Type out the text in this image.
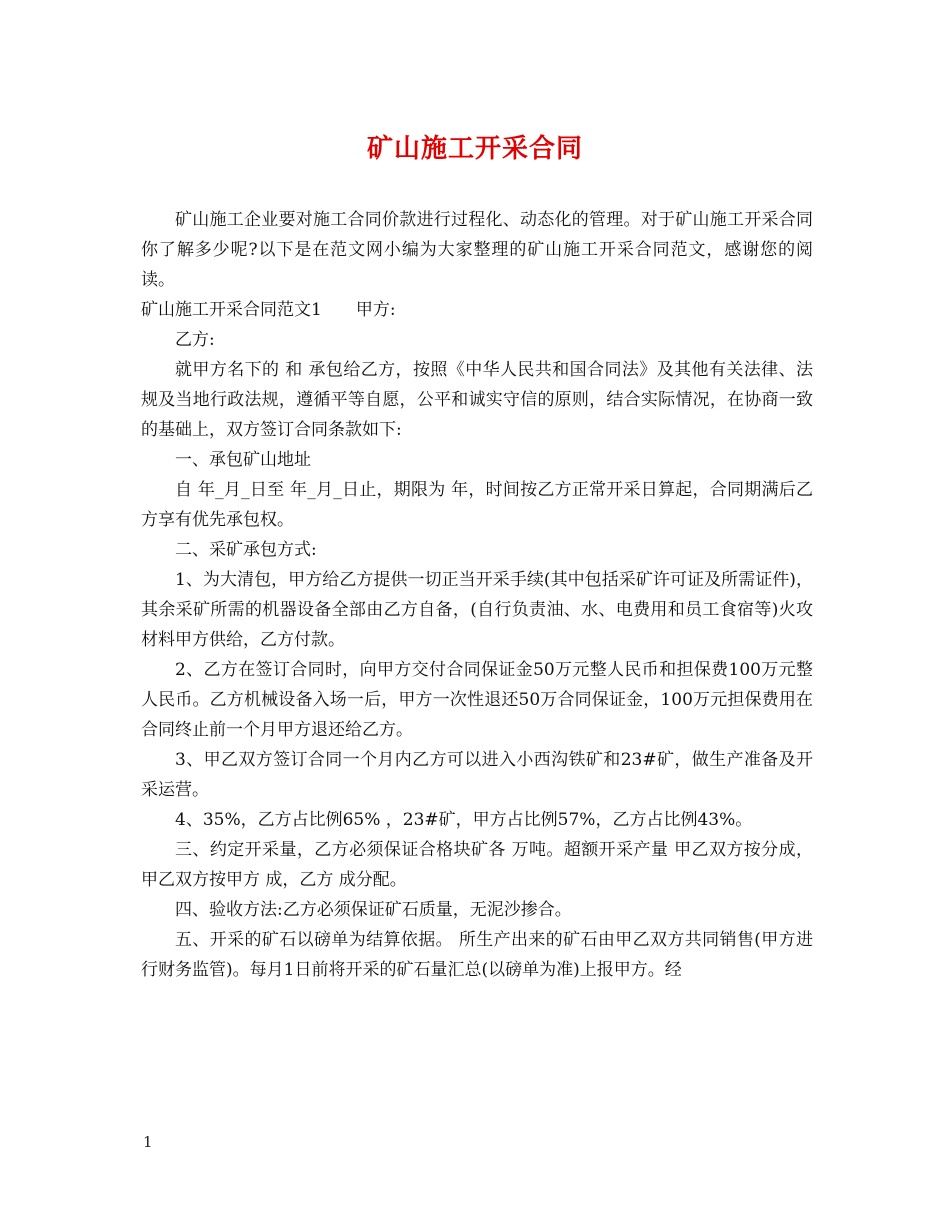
矿山施工开采合同

矿山施工企业要对施工合同价款进行过程化、动态化的管理。对于矿山施工开采合同你了解多少呢?以下是在范文网小编为大家整理的矿山施工开采合同范文，感谢您的阅读。

矿山施工开采合同范文1 甲方:

乙方:

就甲方名下的 和 承包给乙方，按照《中华人民共和国合同法》及其他有关法律、法规及当地行政法规，遵循平等自愿，公平和诚实守信的原则，结合实际情况，在协商一致的基础上，双方签订合同条款如下:

一、承包矿山地址

自 年_月_日至 年_月_日止，期限为 年，时间按乙方正常开采日算起，合同期满后乙方享有优先承包权。

二、采矿承包方式:

1、为大清包，甲方给乙方提供一切正当开采手续(其中包括采矿许可证及所需证件)，其余采矿所需的机器设备全部由乙方自备，(自行负责油、水、电费用和员工食宿等)火攻材料甲方供给，乙方付款。

2、乙方在签订合同时，向甲方交付合同保证金50万元整人民币和担保费100万元整人民币。乙方机械设备入场一后，甲方一次性退还50万合同保证金，100万元担保费用在合同终止前一个月甲方退还给乙方。

3、甲乙双方签订合同一个月内乙方可以进入小西沟铁矿和23#矿，做生产准备及开采运营。

4、35%，乙方占比例65% ，23#矿，甲方占比例57%，乙方占比例43%。

三、约定开采量，乙方必须保证合格块矿各 万吨。超额开采产量 甲乙双方按分成， 甲乙双方按甲方 成，乙方 成分配。

四、验收方法:乙方必须保证矿石质量，无泥沙掺合。

五、开采的矿石以磅单为结算依据。 所生产出来的矿石由甲乙双方共同销售(甲方进行财务监管)。每月1日前将开采的矿石量汇总(以磅单为准)上报甲方。经

1
